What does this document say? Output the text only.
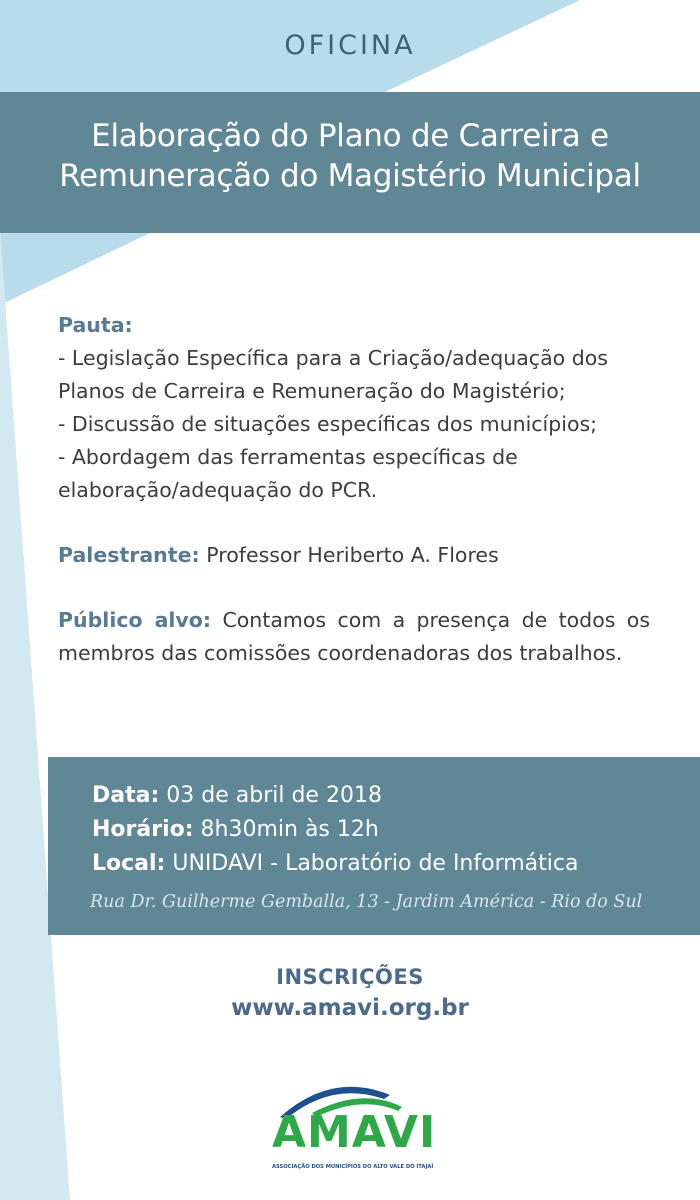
OFICINA
Elaboração do Plano de Carreira e
Remuneração do Magistério Municipal

Pauta:

- Legislação Específica para a Criação/adequação dos

Planos de Carreira e Remuneração do Magistério;

- Discussão de situações específicas dos municípios;

- Abordagem das ferramentas específicas de

elaboração/adequação do PCR.

Palestrante: Professor Heriberto A. Flores

Público alvo: Contamos com a presença de todos os membros das comissões coordenadoras dos trabalhos.

Data: 03 de abril de 2018
Horário: 8h30min às 12h
Local: UNIDAVI - Laboratório de Informática
Rua Dr. Guilherme Gemballa, 13 - Jardim América - Rio do Sul
INSCRIÇÕES
www.amavi.org.br
AMAVI
ASSOCIAÇÃO DOS MUNICÍPIOS DO ALTO VALE DO ITAJAÍ
